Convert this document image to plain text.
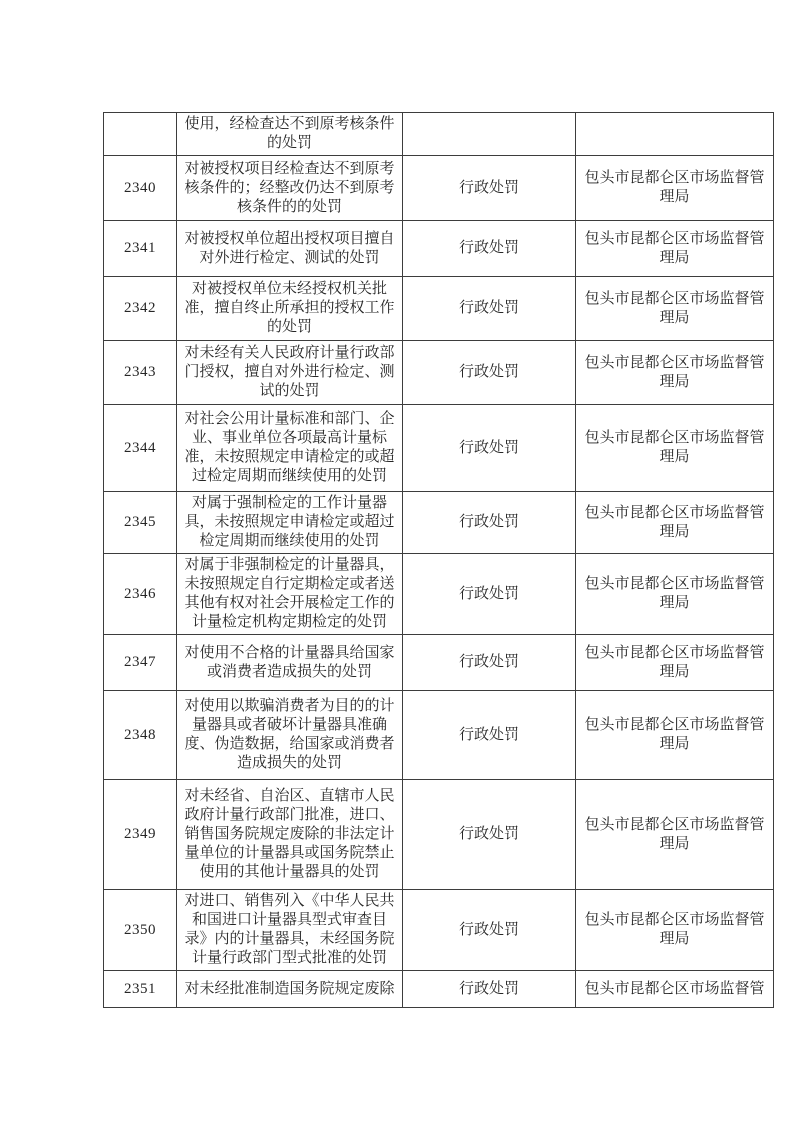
	使用，经检查达不到原考核条件的处罚		
2340	对被授权项目经检查达不到原考核条件的；经整改仍达不到原考核条件的的处罚	行政处罚	包头市昆都仑区市场监督管理局
2341	对被授权单位超出授权项目擅自对外进行检定、测试的处罚	行政处罚	包头市昆都仑区市场监督管理局
2342	对被授权单位未经授权机关批准，擅自终止所承担的授权工作的处罚	行政处罚	包头市昆都仑区市场监督管理局
2343	对未经有关人民政府计量行政部门授权，擅自对外进行检定、测试的处罚	行政处罚	包头市昆都仑区市场监督管理局
2344	对社会公用计量标准和部门、企业、事业单位各项最高计量标准，未按照规定申请检定的或超过检定周期而继续使用的处罚	行政处罚	包头市昆都仑区市场监督管理局
2345	对属于强制检定的工作计量器具，未按照规定申请检定或超过检定周期而继续使用的处罚	行政处罚	包头市昆都仑区市场监督管理局
2346	对属于非强制检定的计量器具，未按照规定自行定期检定或者送其他有权对社会开展检定工作的计量检定机构定期检定的处罚	行政处罚	包头市昆都仑区市场监督管理局
2347	对使用不合格的计量器具给国家或消费者造成损失的处罚	行政处罚	包头市昆都仑区市场监督管理局
2348	对使用以欺骗消费者为目的的计量器具或者破坏计量器具准确度、伪造数据，给国家或消费者造成损失的处罚	行政处罚	包头市昆都仑区市场监督管理局
2349	对未经省、自治区、直辖市人民政府计量行政部门批准，进口、销售国务院规定废除的非法定计量单位的计量器具或国务院禁止使用的其他计量器具的处罚	行政处罚	包头市昆都仑区市场监督管理局
2350	对进口、销售列入《中华人民共和国进口计量器具型式审查目录》内的计量器具，未经国务院计量行政部门型式批准的处罚	行政处罚	包头市昆都仑区市场监督管理局
2351	对未经批准制造国务院规定废除	行政处罚	包头市昆都仑区市场监督管
